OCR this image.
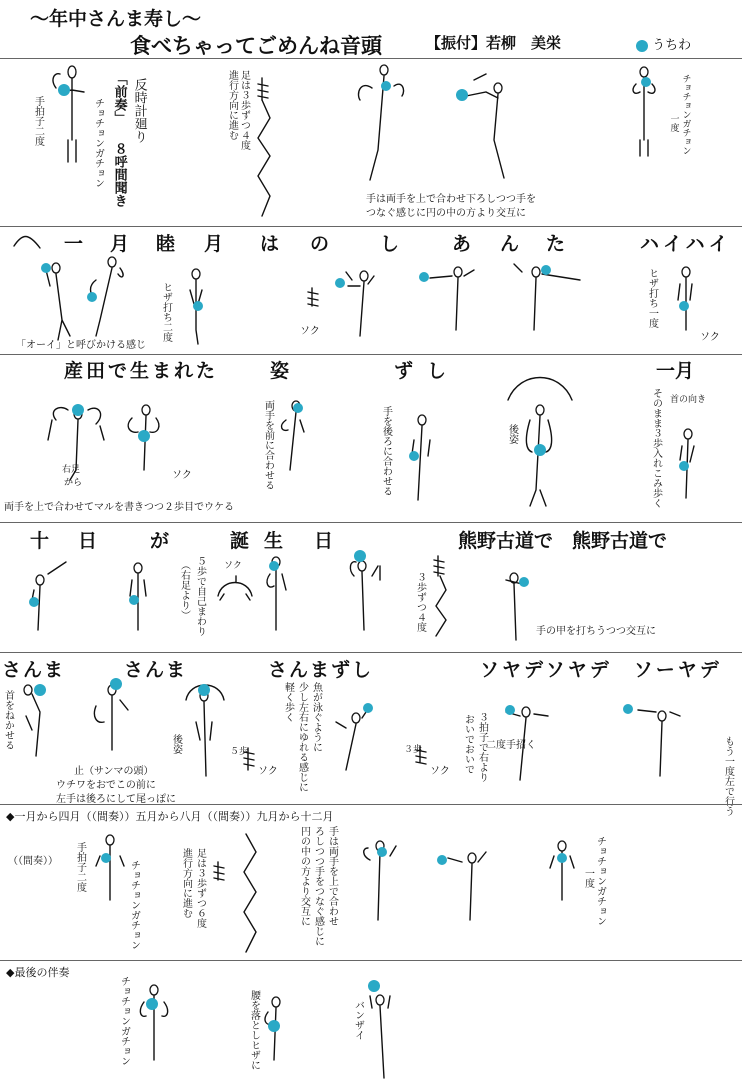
～年中さんま寿し～
食べちゃってごめんね音頭	【振付】若柳　美栄	うちわ
手拍子二度	チョチョンガチョン 反時計廻り
「前奏」
８呼間聞き
足は３歩ずつ４度
進行方向に進む	チョチョンガチョン
一度
手は両手を上で合わせ下ろしつつ手を
つなぐ感じに円の中の方より交互に
一 月 睦 月 は の	し	あ ん た	ハイハイ
「オーイ」と呼びかける感じ
ヒザ打ち二度	ソク
ヒザ打ち一度
ソク
産田で生まれた	姿	ずし	一月
右足
から
ソク
両手を上で合わせてマルを書きつつ２歩目でウケる
両手を前に合わせる	手を後ろに合わせる	後姿
首の向き
そのまま３歩入れこみ歩く
十 日	が	誕 生 日	熊野古道で　熊野古道で
５歩で自己まわり
（右足より）	ソク
３歩ずつ４度	手の甲を打ちうつつ交互に
さんま	さんま	さんまずし	ソヤデソヤデ　ソーヤデ
首をねかせる
止（サンマの頭）
ウチワをおでこの前に
左手は後ろにして尾っぽに
後姿	５歩
ソク
魚が泳ぐように
少し左右にゆれる感じに
軽く歩く
３歩
ソク	３拍子で右より
おいでおいで 二度手招く	もう一度左で行う
◆一月から四月（（間奏））五月から八月（（間奏））九月から十二月
（（間奏）） 手拍子二度	チョチョンガチョン	足は３歩ずつ６度
進行方向に進む	手は両手を上で合わせ
ろしつつ手をつなぐ感じに
円の中の方より交互に	チョチョンガチョン
一度
◆最後の伴奏
チョチョンガチョン	腰を落としヒザに	バンザイ
